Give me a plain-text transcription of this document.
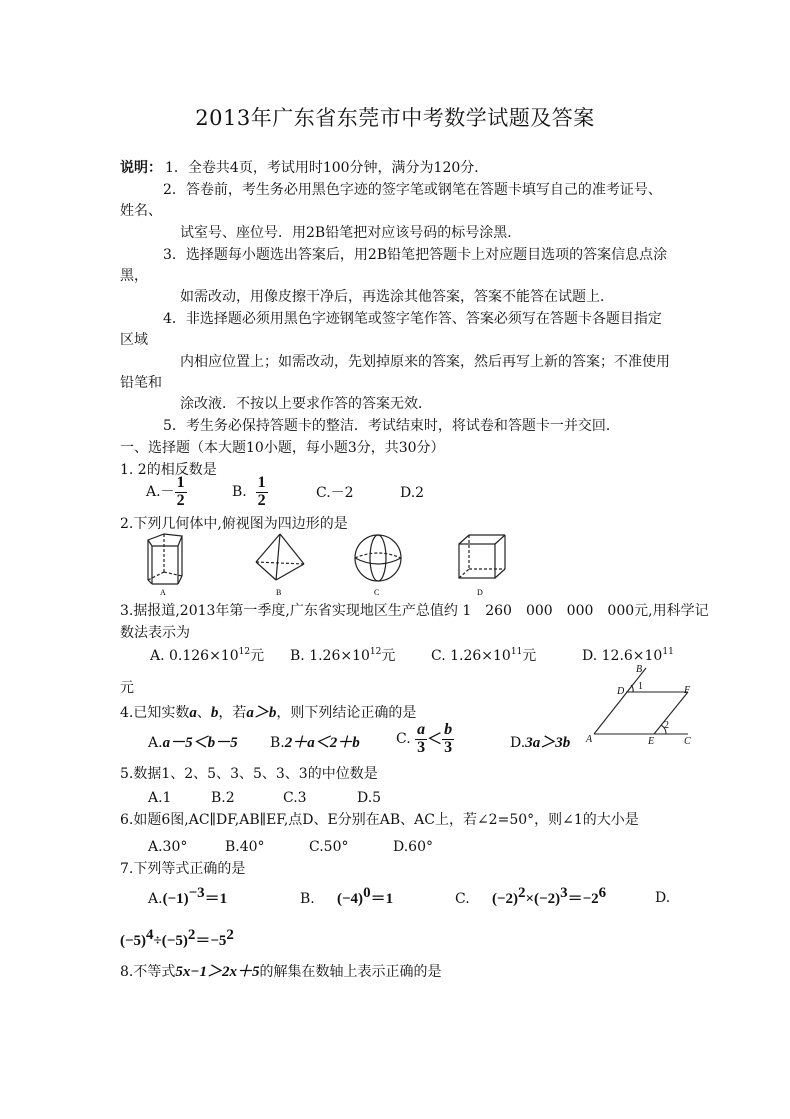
2013年广东省东莞市中考数学试题及答案
说明： 1．全卷共4页，考试用时100分钟，满分为120分．
2．答卷前，考生务必用黑色字迹的签字笔或钢笔在答题卡填写自己的准考证号、
姓名、
试室号、座位号．用2B铅笔把对应该号码的标号涂黑．
3．选择题每小题选出答案后，用2B铅笔把答题卡上对应题目选项的答案信息点涂
黑，
如需改动，用像皮擦干净后，再选涂其他答案，答案不能答在试题上．
4．非选择题必须用黑色字迹钢笔或签字笔作答、答案必须写在答题卡各题目指定
区域
内相应位置上；如需改动，先划掉原来的答案，然后再写上新的答案；不准使用
铅笔和
涂改液．不按以上要求作答的答案无效．
5．考生务必保持答题卡的整洁．考试结束时，将试卷和答题卡一并交回．
一、选择题（本大题10小题，每小题3分，共30分）
1. 2的相反数是
$A.- \frac{1}{2}$	B. $\frac{1}{2}$	C.－2	D.2
2.下列几何体中,俯视图为四边形的是
A	B	C	D
3.据报道,2013年第一季度,广东省实现地区生产总值约 1　260　000　000　000元,用科学记
数法表示为
A. $0.126\times 10^{12}$元 B. $1.26\times 10^{12}$元	C. $1.26\times 10^{11}$元	D. $12.6\times 10^{11}$
元
B
D 1	F
2
A	E	C
4.已知实数a、b，若a＞b，则下列结论正确的是
A.a－5＜b－5 B.2＋a＜2＋b	C. $\frac{a}{3} < \frac{b}{3}$	D.3a＞3b
5.数据1、2、5、3、5、3、3的中位数是
A.1	B.2	C.3	D.5
6.如题6图,AC∥DF,AB∥EF,点D、E分别在AB、AC上，若∠2=50°，则∠1的大小是
A.30°	B.40°	C.50°	D.60°
7.下列等式正确的是
$A.(-1)^{-3}=1$	B. $(-4)^0=1$	C. $(-2)^2\times(-2)^3=-2^6$	D.
$(-5)^4\div(-5)^2=-5^2$
8.不等式5x−1＞2x＋5的解集在数轴上表示正确的是
